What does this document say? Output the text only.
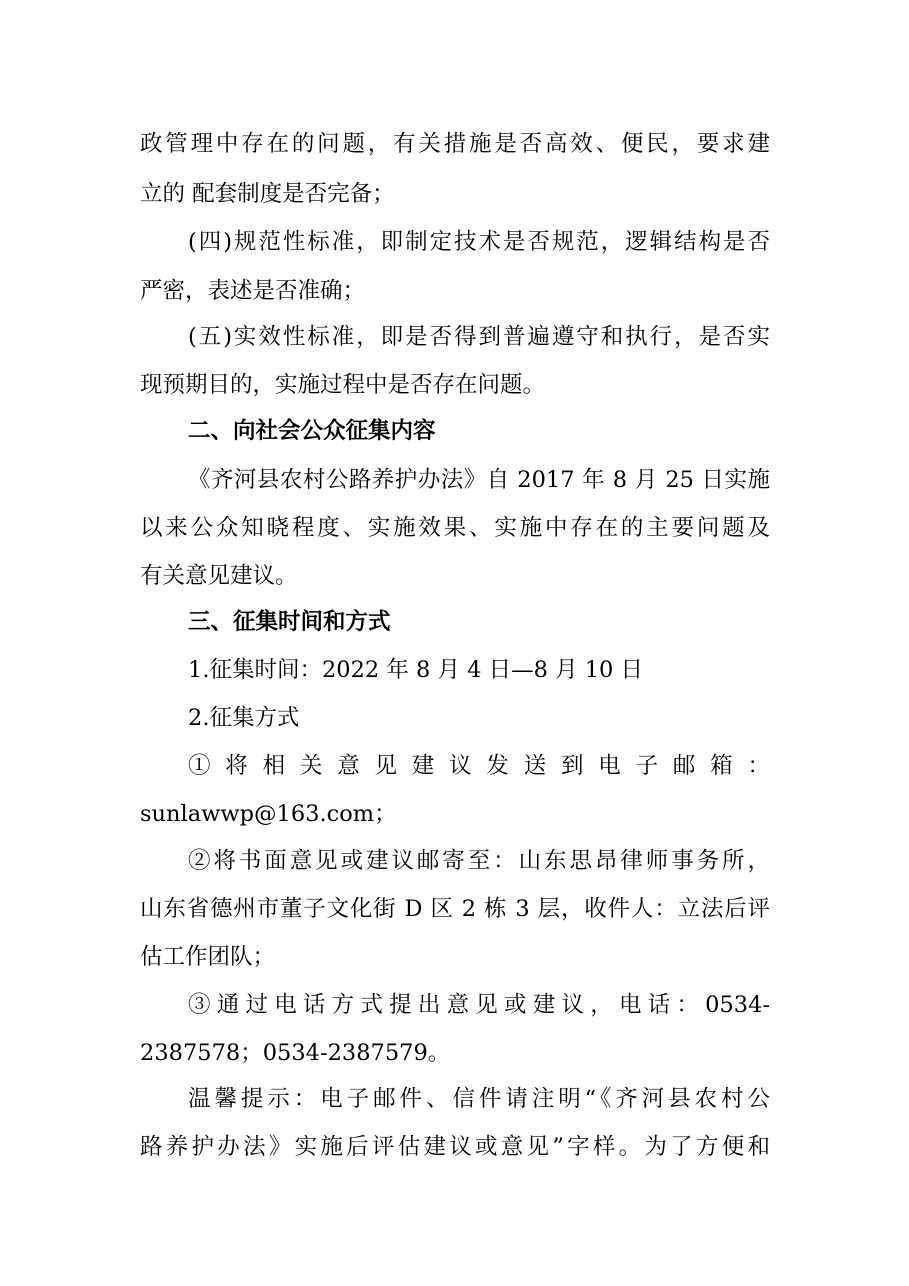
政管理中存在的问题，有关措施是否高效、便民，要求建
立的 配套制度是否完备；
(四)规范性标准，即制定技术是否规范，逻辑结构是否
严密，表述是否准确；
(五)实效性标准，即是否得到普遍遵守和执行，是否实
现预期目的，实施过程中是否存在问题。
二、向社会公众征集内容
《齐河县农村公路养护办法》自 2017 年 8 月 25 日实施
以来公众知晓程度、实施效果、实施中存在的主要问题及
有关意见建议。
三、征集时间和方式
1.征集时间：2022 年 8 月 4 日—8 月 10 日
2.征集方式
① 将 相 关 意 见 建 议 发 送 到 电 子 邮 箱 ：
sunlawwp@163.com；
②将书面意见或建议邮寄至：山东思昂律师事务所，
山东省德州市董子文化街 D 区 2 栋 3 层，收件人：立法后评
估工作团队；
③通过电话方式提出意见或建议，电话：0534-
2387578；0534-2387579。
温馨提示：电子邮件、信件请注明“《齐河县农村公
路养护办法》实施后评估建议或意见”字样。为了方便和
